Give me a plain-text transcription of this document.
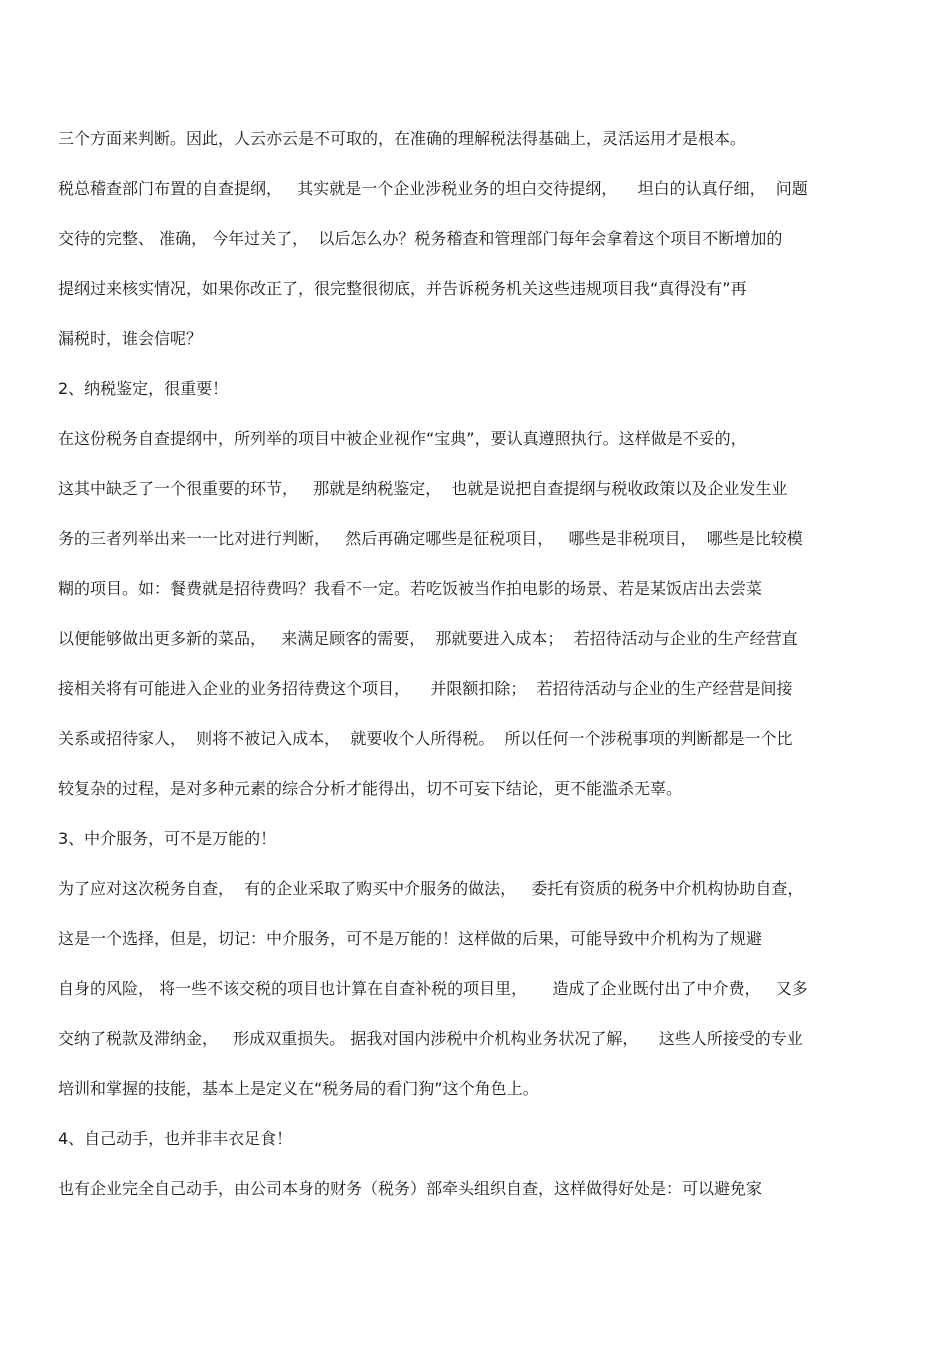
三个方面来判断。因此，人云亦云是不可取的，在准确的理解税法得基础上，灵活运用才是根本。

税总稽查部门布置的自查提纲，   其实就是一个企业涉税业务的坦白交待提纲，    坦白的认真仔细，  问题

交待的完整、 准确， 今年过关了，  以后怎么办？税务稽查和管理部门每年会拿着这个项目不断增加的

提纲过来核实情况，如果你改正了，很完整很彻底，并告诉税务机关这些违规项目我“真得没有”再

漏税时，谁会信呢？

2、纳税鉴定，很重要！

在这份税务自查提纲中，所列举的项目中被企业视作“宝典”，要认真遵照执行。这样做是不妥的，

这其中缺乏了一个很重要的环节，   那就是纳税鉴定，  也就是说把自查提纲与税收政策以及企业发生业

务的三者列举出来一一比对进行判断，   然后再确定哪些是征税项目，   哪些是非税项目，  哪些是比较模

糊的项目。如：餐费就是招待费吗？我看不一定。若吃饭被当作拍电影的场景、若是某饭店出去尝菜

以便能够做出更多新的菜品，   来满足顾客的需要，  那就要进入成本；  若招待活动与企业的生产经营直

接相关将有可能进入企业的业务招待费这个项目，    并限额扣除；  若招待活动与企业的生产经营是间接

关系或招待家人，  则将不被记入成本，  就要收个人所得税。  所以任何一个涉税事项的判断都是一个比

较复杂的过程，是对多种元素的综合分析才能得出，切不可妄下结论，更不能滥杀无辜。

3、中介服务，可不是万能的！

为了应对这次税务自查，  有的企业采取了购买中介服务的做法，   委托有资质的税务中介机构协助自查，

这是一个选择，但是，切记：中介服务，可不是万能的！这样做的后果，可能导致中介机构为了规避

自身的风险， 将一些不该交税的项目也计算在自查补税的项目里，     造成了企业既付出了中介费，   又多

交纳了税款及滞纳金，   形成双重损失。 据我对国内涉税中介机构业务状况了解，    这些人所接受的专业

培训和掌握的技能，基本上是定义在“税务局的看门狗”这个角色上。

4、自己动手，也并非丰衣足食！

也有企业完全自己动手，由公司本身的财务（税务）部牵头组织自查，这样做得好处是：可以避免家
